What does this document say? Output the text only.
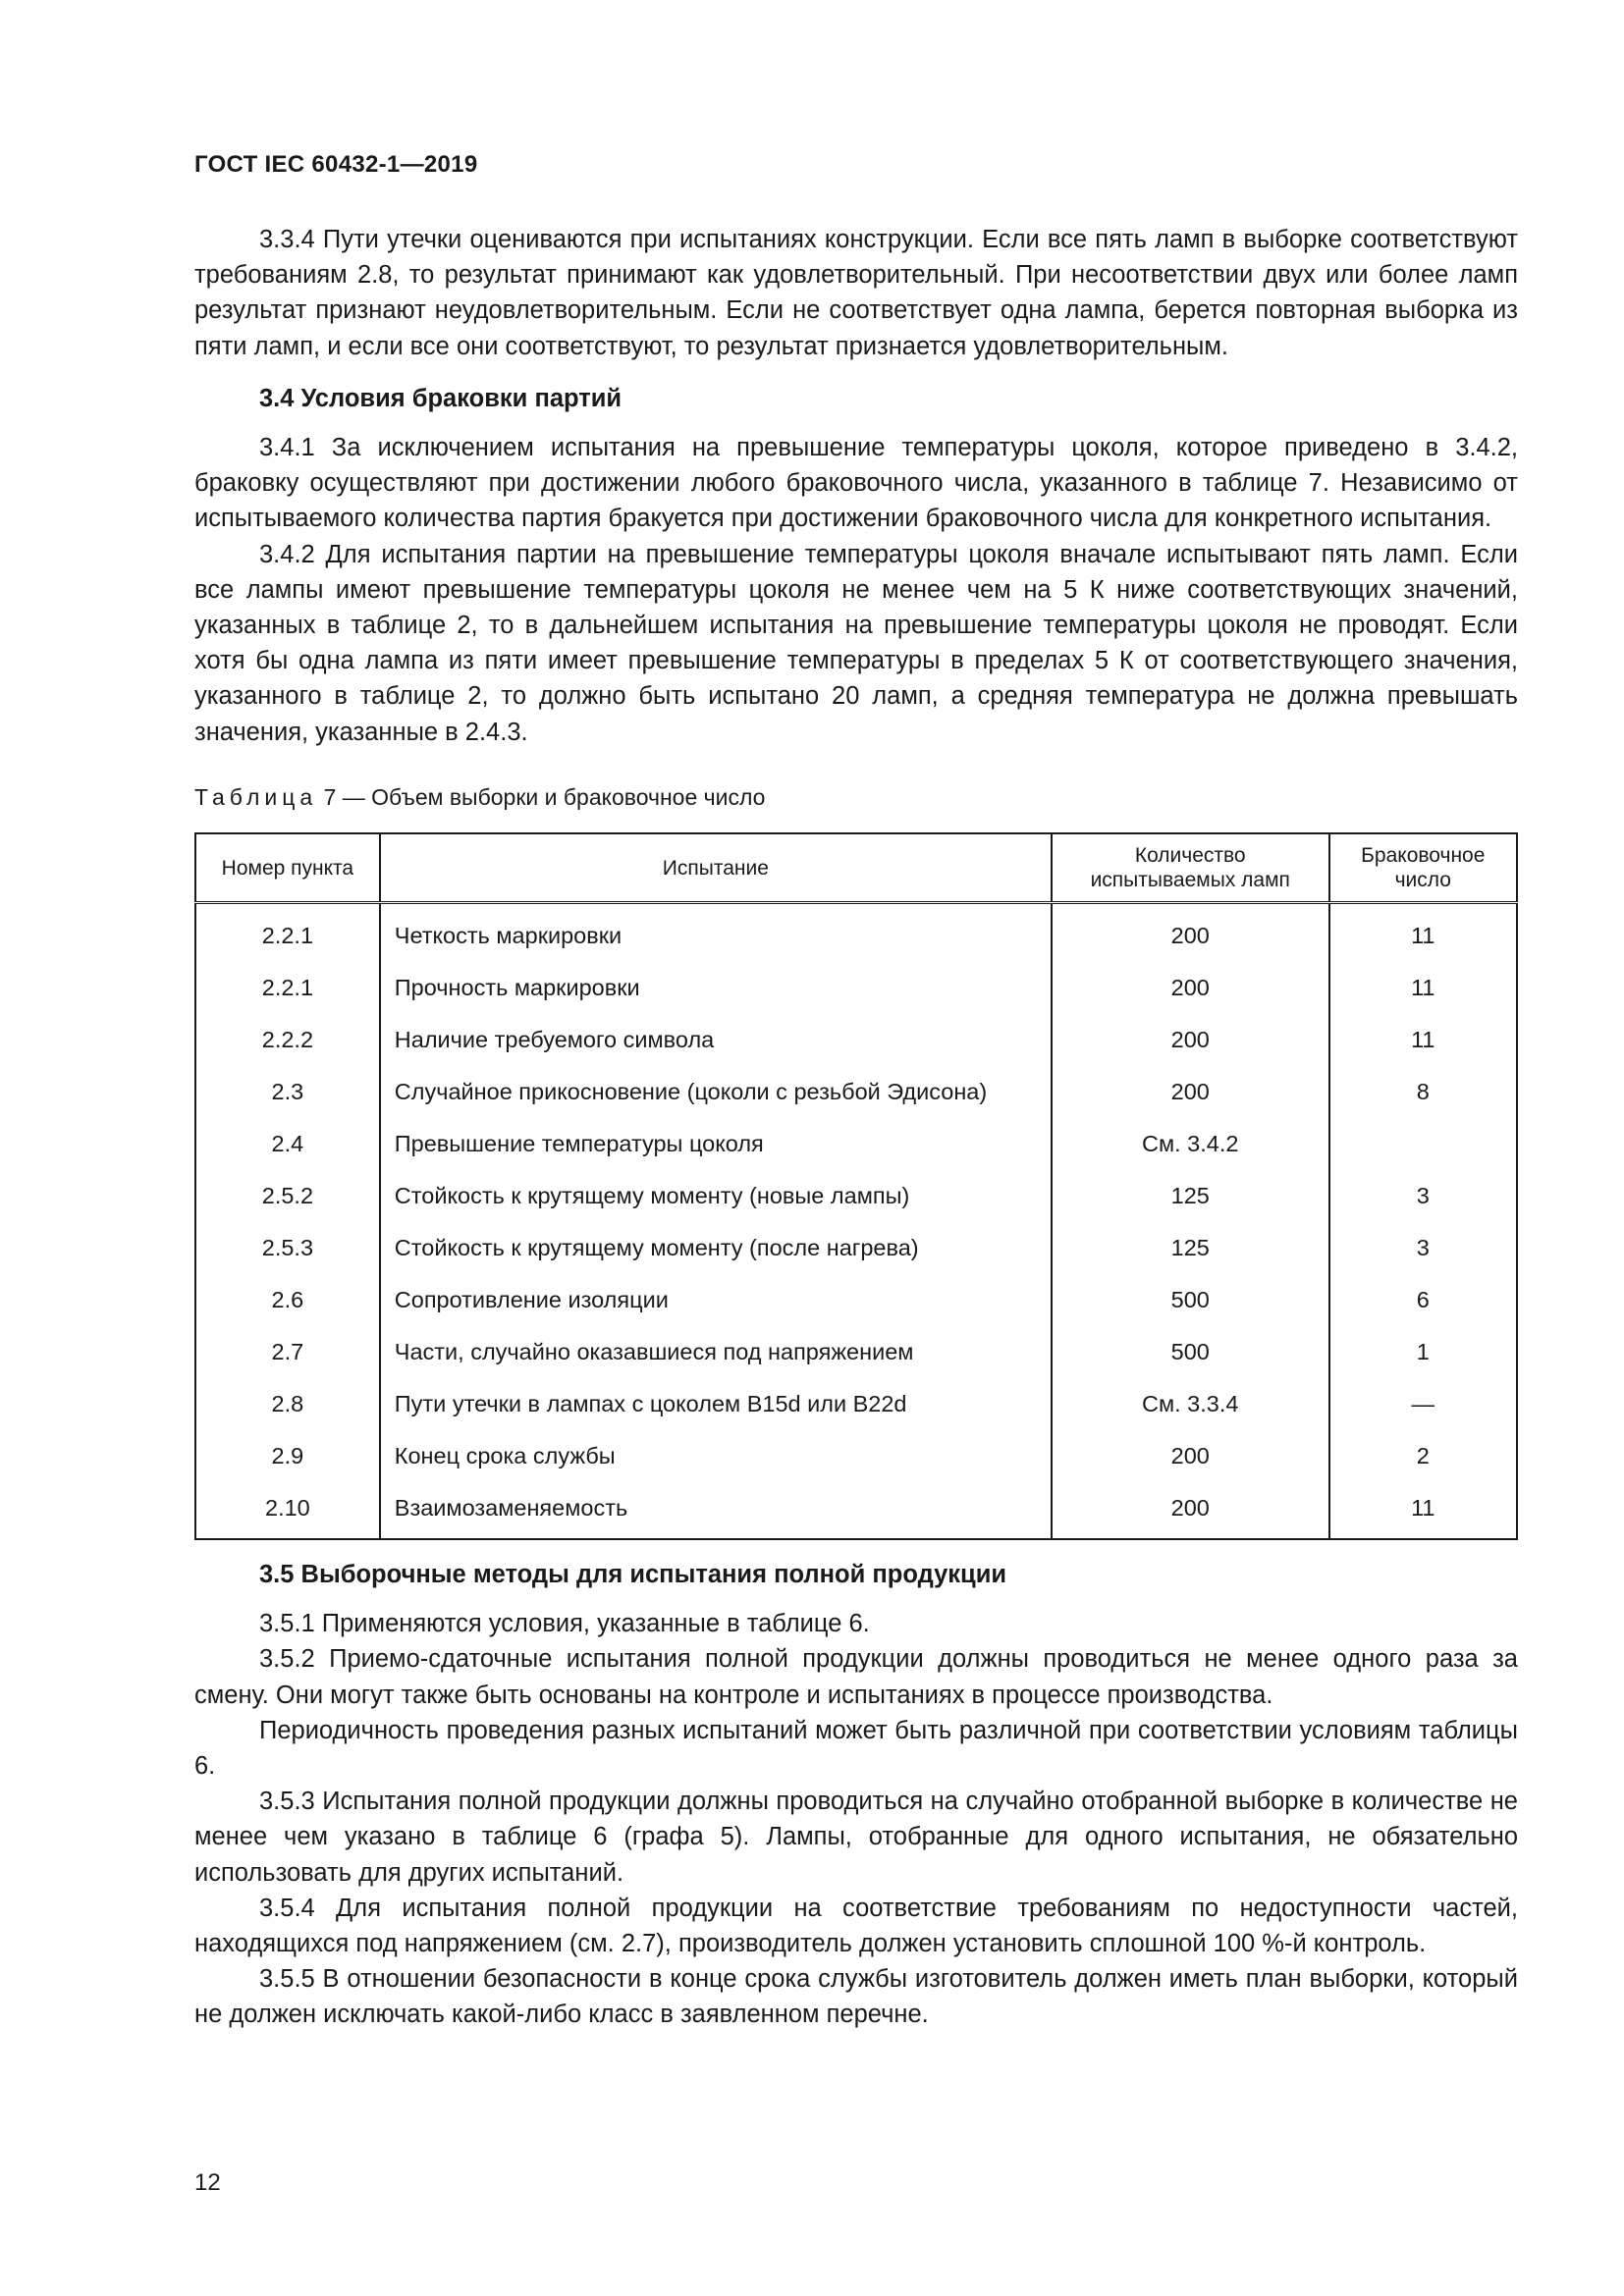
ГОСТ IEC 60432-1—2019

3.3.4 Пути утечки оцениваются при испытаниях конструкции. Если все пять ламп в выборке соответствуют требованиям 2.8, то результат принимают как удовлетворительный. При несоответствии двух или более ламп результат признают неудовлетворительным. Если не соответствует одна лампа, берется повторная выборка из пяти ламп, и если все они соответствуют, то результат признается удовлетворительным.

3.4 Условия браковки партий

3.4.1 За исключением испытания на превышение температуры цоколя, которое приведено в 3.4.2, браковку осуществляют при достижении любого браковочного числа, указанного в таблице 7. Независимо от испытываемого количества партия бракуется при достижении браковочного числа для конкретного испытания.

3.4.2 Для испытания партии на превышение температуры цоколя вначале испытывают пять ламп. Если все лампы имеют превышение температуры цоколя не менее чем на 5 К ниже соответствующих значений, указанных в таблице 2, то в дальнейшем испытания на превышение температуры цоколя не проводят. Если хотя бы одна лампа из пяти имеет превышение температуры в пределах 5 К от соответствующего значения, указанного в таблице 2, то должно быть испытано 20 ламп, а средняя температура не должна превышать значения, указанные в 2.4.3.

Таблица 7 — Объем выборки и браковочное число
Номер пункта	Испытание	Количество испытываемых ламп	Браковочное число
2.2.1	Четкость маркировки	200	11
2.2.1	Прочность маркировки	200	11
2.2.2	Наличие требуемого символа	200	11
2.3	Случайное прикосновение (цоколи с резьбой Эдисона)	200	8
2.4	Превышение температуры цоколя	См. 3.4.2	
2.5.2	Стойкость к крутящему моменту (новые лампы)	125	3
2.5.3	Стойкость к крутящему моменту (после нагрева)	125	3
2.6	Сопротивление изоляции	500	6
2.7	Части, случайно оказавшиеся под напряжением	500	1
2.8	Пути утечки в лампах с цоколем В15d или В22d	См. 3.3.4	—
2.9	Конец срока службы	200	2
2.10	Взаимозаменяемость	200	11

3.5 Выборочные методы для испытания полной продукции

3.5.1 Применяются условия, указанные в таблице 6.

3.5.2 Приемо-сдаточные испытания полной продукции должны проводиться не менее одного раза за смену. Они могут также быть основаны на контроле и испытаниях в процессе производства.

Периодичность проведения разных испытаний может быть различной при соответствии условиям таблицы 6.

3.5.3 Испытания полной продукции должны проводиться на случайно отобранной выборке в количестве не менее чем указано в таблице 6 (графа 5). Лампы, отобранные для одного испытания, не обязательно использовать для других испытаний.

3.5.4 Для испытания полной продукции на соответствие требованиям по недоступности частей, находящихся под напряжением (см. 2.7), производитель должен установить сплошной 100 %-й контроль.

3.5.5 В отношении безопасности в конце срока службы изготовитель должен иметь план выборки, который не должен исключать какой-либо класс в заявленном перечне.

12
